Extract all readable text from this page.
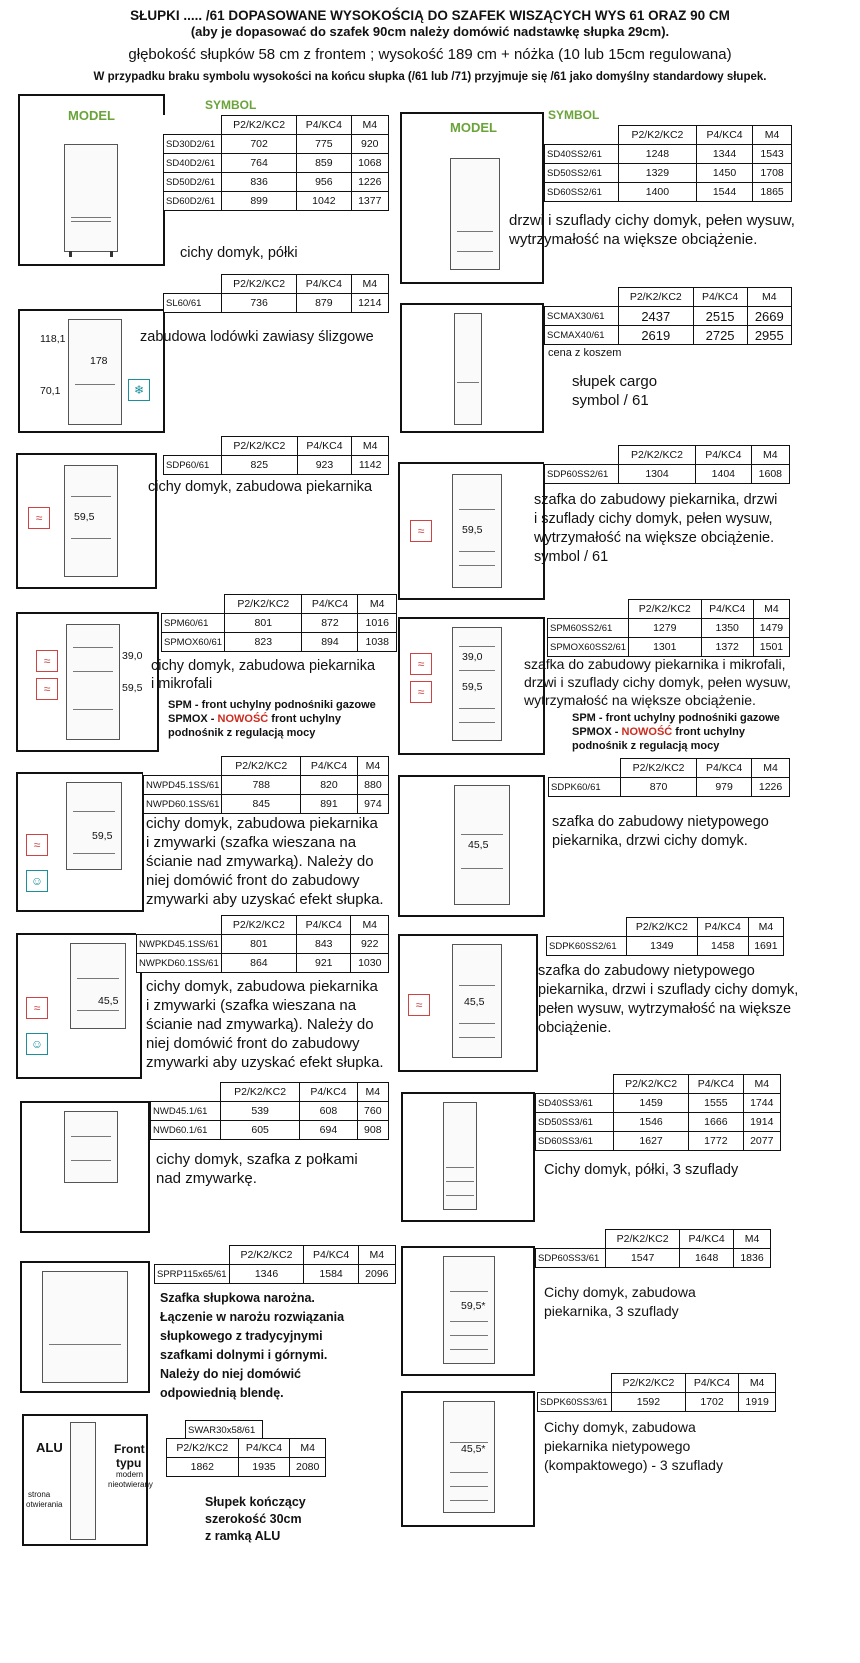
SŁUPKI ..... /61 DOPASOWANE WYSOKOŚCIĄ DO SZAFEK WISZĄCYCH WYS 61 ORAZ 90 CM
(aby je dopasować do szafek 90cm należy domówić nadstawkę słupka 29cm).
głębokość słupków 58 cm z frontem ; wysokość 189 cm + nóżka (10 lub 15cm regulowana)
W przypadku braku symbolu wysokości na końcu słupka (/61 lub /71) przyjmuje się /61 jako domyślny standardowy słupek.
MODEL
SYMBOL
	P2/K2/KC2	P4/KC4	M4
SD30D2/61	702	775	920
SD40D2/61	764	859	1068
SD50D2/61	836	956	1226
SD60D2/61	899	1042	1377
cichy domyk, półki
118,1
178
70,1	❄
	P2/K2/KC2	P4/KC4	M4
SL60/61	736	879	1214
zabudowa lodówki zawiasy ślizgowe
59,5
≈
	P2/K2/KC2	P4/KC4	M4
SDP60/61	825	923	1142
cichy domyk, zabudowa piekarnika
39,0
59,5
≈
≈
	P2/K2/KC2	P4/KC4	M4
SPM60/61	801	872	1016
SPMOX60/61	823	894	1038
cichy domyk, zabudowa piekarnika
i mikrofali
SPM - front uchylny podnośniki gazowe
SPMOX - NOWOŚĆ front uchylny
podnośnik z regulacją mocy
59,5
≈
☺
	P2/K2/KC2	P4/KC4	M4
NWPD45.1SS/61	788	820	880
NWPD60.1SS/61	845	891	974
cichy domyk, zabudowa piekarnika
i zmywarki (szafka wieszana na
ścianie nad zmywarką). Należy do
niej domówić front do zabudowy
zmywarki aby uzyskać efekt słupka.
45,5
≈
☺
	P2/K2/KC2	P4/KC4	M4
NWPKD45.1SS/61	801	843	922
NWPKD60.1SS/61	864	921	1030
cichy domyk, zabudowa piekarnika
i zmywarki (szafka wieszana na
ścianie nad zmywarką). Należy do
niej domówić front do zabudowy
zmywarki aby uzyskać efekt słupka.
	P2/K2/KC2	P4/KC4	M4
NWD45.1/61	539	608	760
NWD60.1/61	605	694	908
cichy domyk, szafka z połkami
nad zmywarkę.
	P2/K2/KC2	P4/KC4	M4
SPRP115x65/61	1346	1584	2096
Szafka słupkowa narożna.
Łączenie w narożu rozwiązania
słupkowego z tradycyjnymi
szafkami dolnymi i górnymi.
Należy do niej domówić
odpowiednią blendę.
ALU
strona
otwierania
Front
typu
modern
nieotwierany
SWAR30x58/61
P2/K2/KC2	P4/KC4	M4
1862	1935	2080
Słupek kończący
szerokość 30cm
z ramką ALU
MODEL
SYMBOL
	P2/K2/KC2	P4/KC4	M4
SD40SS2/61	1248	1344	1543
SD50SS2/61	1329	1450	1708
SD60SS2/61	1400	1544	1865
drzwi i szuflady cichy domyk, pełen wysuw,
wytrzymałość na większe obciążenie.
	P2/K2/KC2	P4/KC4	M4
SCMAX30/61	2437	2515	2669
SCMAX40/61	2619	2725	2955
cena z koszem
słupek cargo
symbol / 61
59,5
≈
	P2/K2/KC2	P4/KC4	M4
SDP60SS2/61	1304	1404	1608
szafka do zabudowy piekarnika, drzwi
i szuflady cichy domyk, pełen wysuw,
wytrzymałość na większe obciążenie.
symbol / 61
39,0
59,5
≈
≈
	P2/K2/KC2	P4/KC4	M4
SPM60SS2/61	1279	1350	1479
SPMOX60SS2/61	1301	1372	1501
szafka do zabudowy piekarnika i mikrofali,
drzwi i szuflady cichy domyk, pełen wysuw,
wytrzymałość na większe obciążenie.
SPM - front uchylny podnośniki gazowe
SPMOX - NOWOŚĆ front uchylny
podnośnik z regulacją mocy
45,5
	P2/K2/KC2	P4/KC4	M4
SDPK60/61	870	979	1226
szafka do zabudowy nietypowego
piekarnika, drzwi cichy domyk.
45,5
≈
	P2/K2/KC2	P4/KC4	M4
SDPK60SS2/61	1349	1458	1691
szafka do zabudowy nietypowego
piekarnika, drzwi i szuflady cichy domyk,
pełen wysuw, wytrzymałość na większe
obciążenie.
	P2/K2/KC2	P4/KC4	M4
SD40SS3/61	1459	1555	1744
SD50SS3/61	1546	1666	1914
SD60SS3/61	1627	1772	2077
Cichy domyk, półki, 3 szuflady
59,5*
	P2/K2/KC2	P4/KC4	M4
SDP60SS3/61	1547	1648	1836
Cichy domyk, zabudowa
piekarnika, 3 szuflady
45,5*
	P2/K2/KC2	P4/KC4	M4
SDPK60SS3/61	1592	1702	1919
Cichy domyk, zabudowa
piekarnika nietypowego
(kompaktowego) - 3 szuflady
